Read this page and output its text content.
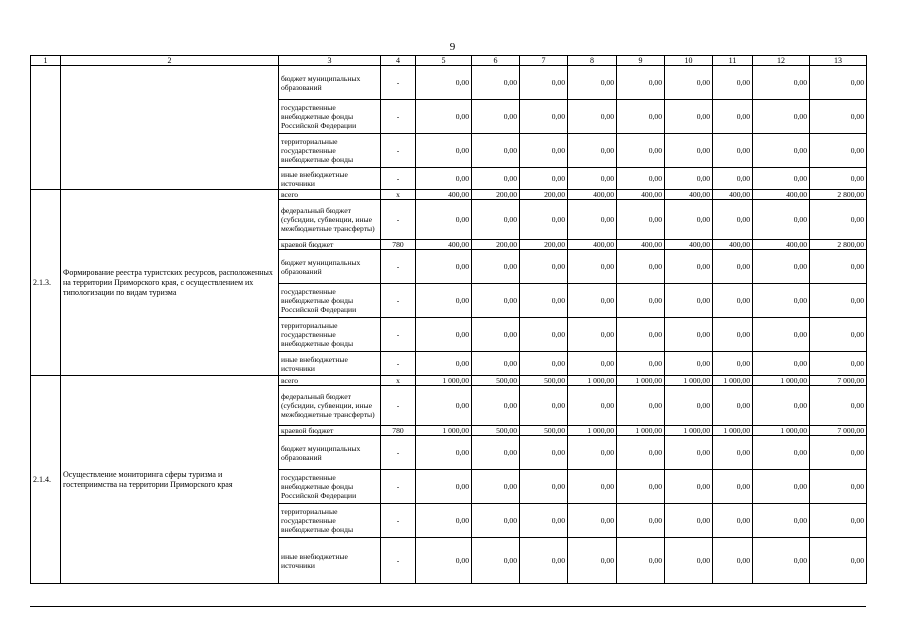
9
1	2	3	4	5	6	7	8	9	10	11	12	13
		бюджет муниципальных образований	-	0,00	0,00	0,00	0,00	0,00	0,00	0,00	0,00	0,00
		государственные внебюджетные фонды Российской Федерации	-	0,00	0,00	0,00	0,00	0,00	0,00	0,00	0,00	0,00
		территориальные государственные внебюджетные фонды	-	0,00	0,00	0,00	0,00	0,00	0,00	0,00	0,00	0,00
		иные внебюджетные источники	-	0,00	0,00	0,00	0,00	0,00	0,00	0,00	0,00	0,00
2.1.3.	Формирование реестра туристских ресурсов, расположенных на территории Приморского края, с осуществлением их типологизации по видам туризма	всего	x	400,00	200,00	200,00	400,00	400,00	400,00	400,00	400,00	2 800,00
		федеральный бюджет (субсидии, субвенции, иные межбюджетные трансферты)	-	0,00	0,00	0,00	0,00	0,00	0,00	0,00	0,00	0,00
		краевой бюджет	780	400,00	200,00	200,00	400,00	400,00	400,00	400,00	400,00	2 800,00
		бюджет муниципальных образований	-	0,00	0,00	0,00	0,00	0,00	0,00	0,00	0,00	0,00
		государственные внебюджетные фонды Российской Федерации	-	0,00	0,00	0,00	0,00	0,00	0,00	0,00	0,00	0,00
		территориальные государственные внебюджетные фонды	-	0,00	0,00	0,00	0,00	0,00	0,00	0,00	0,00	0,00
		иные внебюджетные источники	-	0,00	0,00	0,00	0,00	0,00	0,00	0,00	0,00	0,00
2.1.4.	Осуществление мониторинга сферы туризма и гостеприимства на территории Приморского края	всего	x	1 000,00	500,00	500,00	1 000,00	1 000,00	1 000,00	1 000,00	1 000,00	7 000,00
		федеральный бюджет (субсидии, субвенции, иные межбюджетные трансферты)	-	0,00	0,00	0,00	0,00	0,00	0,00	0,00	0,00	0,00
		краевой бюджет	780	1 000,00	500,00	500,00	1 000,00	1 000,00	1 000,00	1 000,00	1 000,00	7 000,00
		бюджет муниципальных образований	-	0,00	0,00	0,00	0,00	0,00	0,00	0,00	0,00	0,00
		государственные внебюджетные фонды Российской Федерации	-	0,00	0,00	0,00	0,00	0,00	0,00	0,00	0,00	0,00
		территориальные государственные внебюджетные фонды	-	0,00	0,00	0,00	0,00	0,00	0,00	0,00	0,00	0,00
		иные внебюджетные источники	-	0,00	0,00	0,00	0,00	0,00	0,00	0,00	0,00	0,00
